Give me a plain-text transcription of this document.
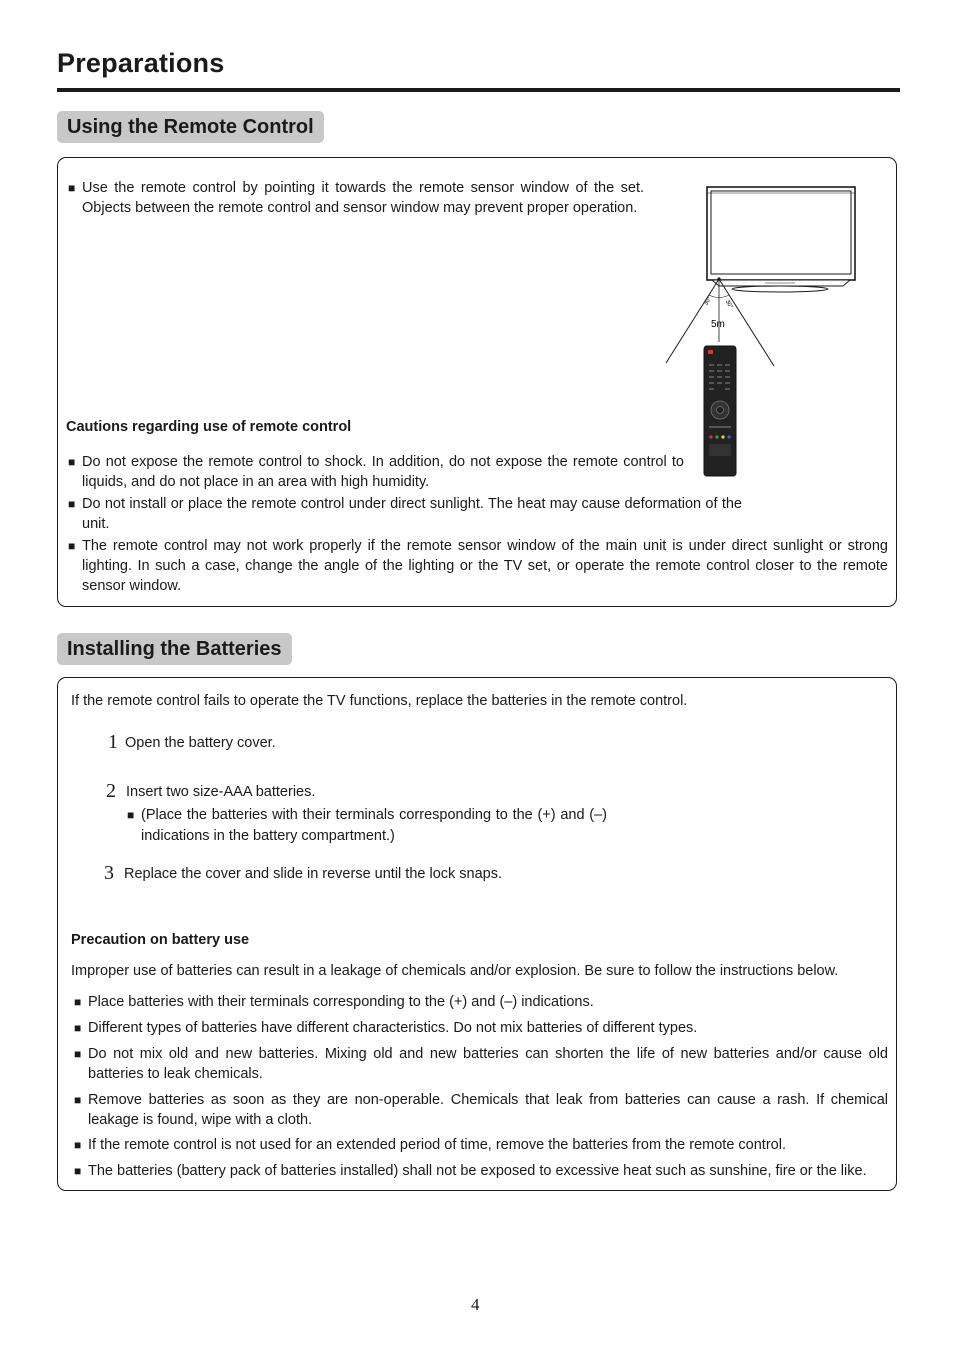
Preparations
Using the Remote Control
■ Use the remote control by pointing it towards the remote sensor window of the set. Objects between the remote control and sensor window may prevent proper operation.
30° 30°
5m
Cautions regarding use of remote control
■ Do not expose the remote control to shock. In addition, do not expose the remote control to liquids, and do not place in an area with high humidity.
■ Do not install or place the remote control under direct sunlight. The heat may cause deformation of the unit.
■ The remote control may not work properly if the remote sensor window of the main unit is under direct sunlight or strong lighting. In such a case, change the angle of the lighting or the TV set, or operate the remote control closer to the remote sensor window.
Installing the Batteries
If the remote control fails to operate the TV functions, replace the batteries in the remote control.
1 Open the battery cover.
2 Insert two size-AAA batteries.
■ (Place the batteries with their terminals corresponding to the (+) and (–) indications in the battery compartment.)
3 Replace the cover and slide in reverse until the lock snaps.
Precaution on battery use
Improper use of batteries can result in a leakage of chemicals and/or explosion. Be sure to follow the instructions below.
■ Place batteries with their terminals corresponding to the (+) and (–) indications.
■ Different types of batteries have different characteristics. Do not mix batteries of different types.
■ Do not mix old and new batteries. Mixing old and new batteries can shorten the life of new batteries and/or cause old batteries to leak chemicals.
■ Remove batteries as soon as they are non-operable. Chemicals that leak from batteries can cause a rash. If chemical leakage is found, wipe with a cloth.
■ If the remote control is not used for an extended period of time, remove the batteries from the remote control.
■ The batteries (battery pack of batteries installed) shall not be exposed to excessive heat such as sunshine, fire or the like.
4
